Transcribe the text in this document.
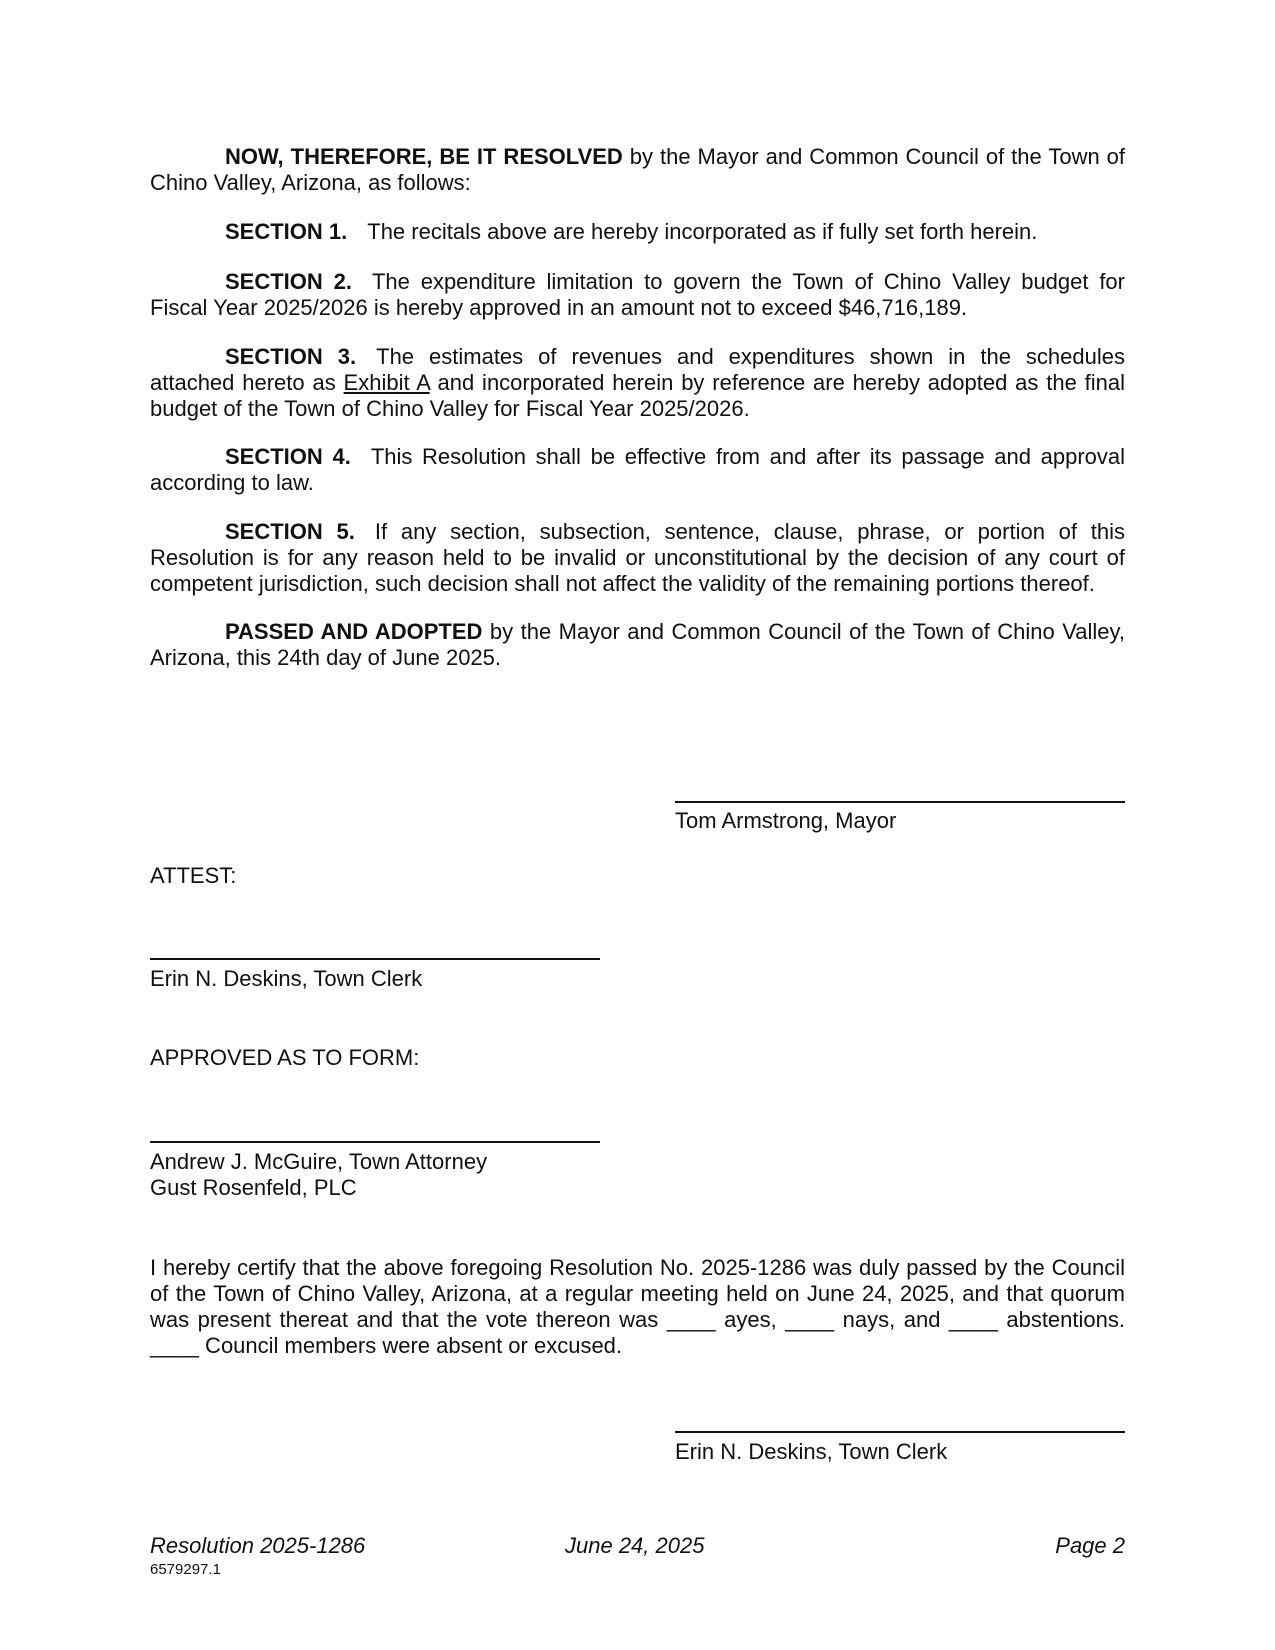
NOW, THEREFORE, BE IT RESOLVED by the Mayor and Common Council of the Town of Chino Valley, Arizona, as follows:

SECTION 1. The recitals above are hereby incorporated as if fully set forth herein.

SECTION 2. The expenditure limitation to govern the Town of Chino Valley budget for Fiscal Year 2025/2026 is hereby approved in an amount not to exceed $46,716,189.

SECTION 3. The estimates of revenues and expenditures shown in the schedules attached hereto as Exhibit A and incorporated herein by reference are hereby adopted as the final budget of the Town of Chino Valley for Fiscal Year 2025/2026.

SECTION 4. This Resolution shall be effective from and after its passage and approval according to law.

SECTION 5. If any section, subsection, sentence, clause, phrase, or portion of this Resolution is for any reason held to be invalid or unconstitutional by the decision of any court of competent jurisdiction, such decision shall not affect the validity of the remaining portions thereof.

PASSED AND ADOPTED by the Mayor and Common Council of the Town of Chino Valley, Arizona, this 24th day of June 2025.

Tom Armstrong, Mayor

ATTEST:

Erin N. Deskins, Town Clerk

APPROVED AS TO FORM:

Andrew J. McGuire, Town Attorney

Gust Rosenfeld, PLC

I hereby certify that the above foregoing Resolution No. 2025-1286 was duly passed by the Council of the Town of Chino Valley, Arizona, at a regular meeting held on June 24, 2025, and that quorum was present thereat and that the vote thereon was ____ ayes, ____ nays, and ____ abstentions. ____ Council members were absent or excused.

Erin N. Deskins, Town Clerk

Resolution 2025-1286	June 24, 2025	Page 2

6579297.1
